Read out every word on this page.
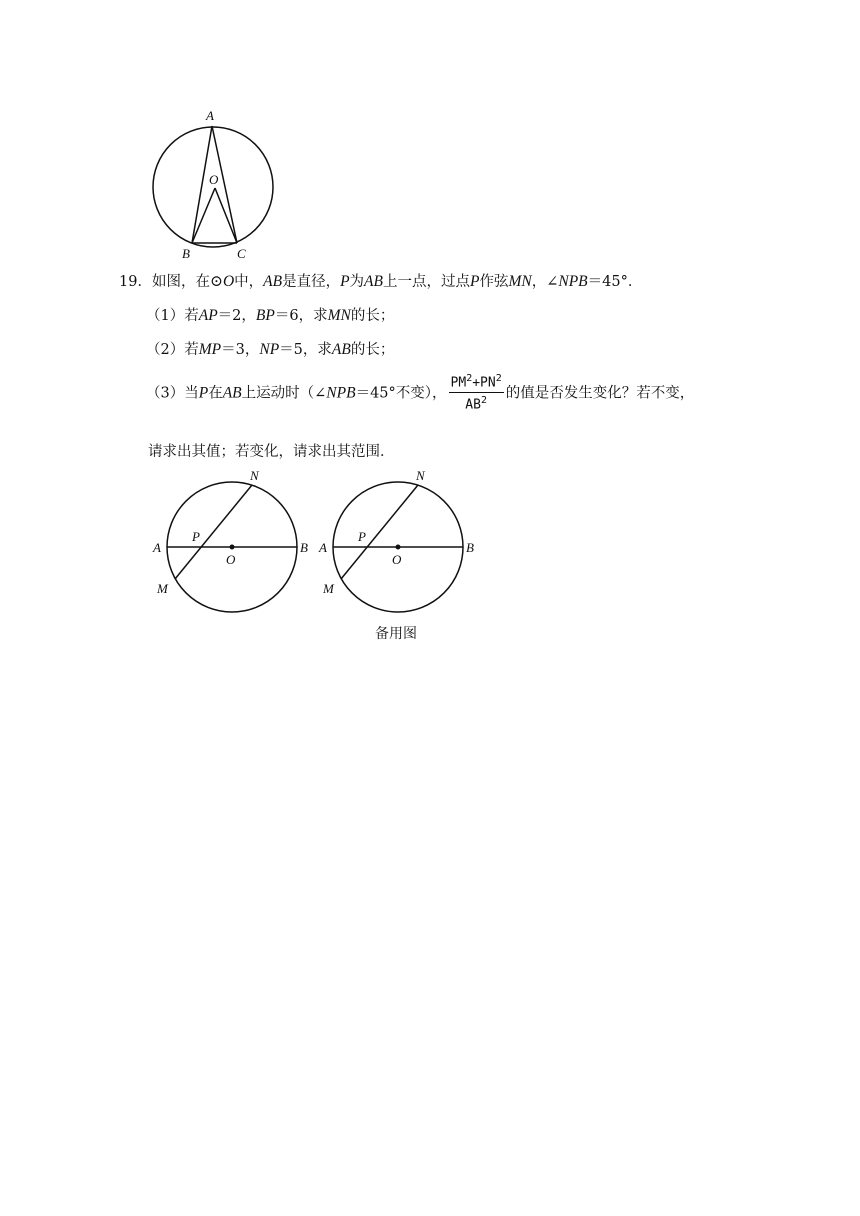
A
O
B	C
19．如图，在⊙O中，AB是直径，P为AB上一点，过点P作弦MN，∠NPB＝45°．
（1）若AP＝2，BP＝6，求MN的长；
（2）若MP＝3，NP＝5，求AB的长；
（3）当P在AB上运动时（∠NPB＝45°不变）， $\frac{PM^2+PN^2}{AB^2}$ 的值是否发生变化？若不变，
请求出其值；若变化，请求出其范围．
N
A
P
O
B
M
N
A
P
O
B
M
备用图
